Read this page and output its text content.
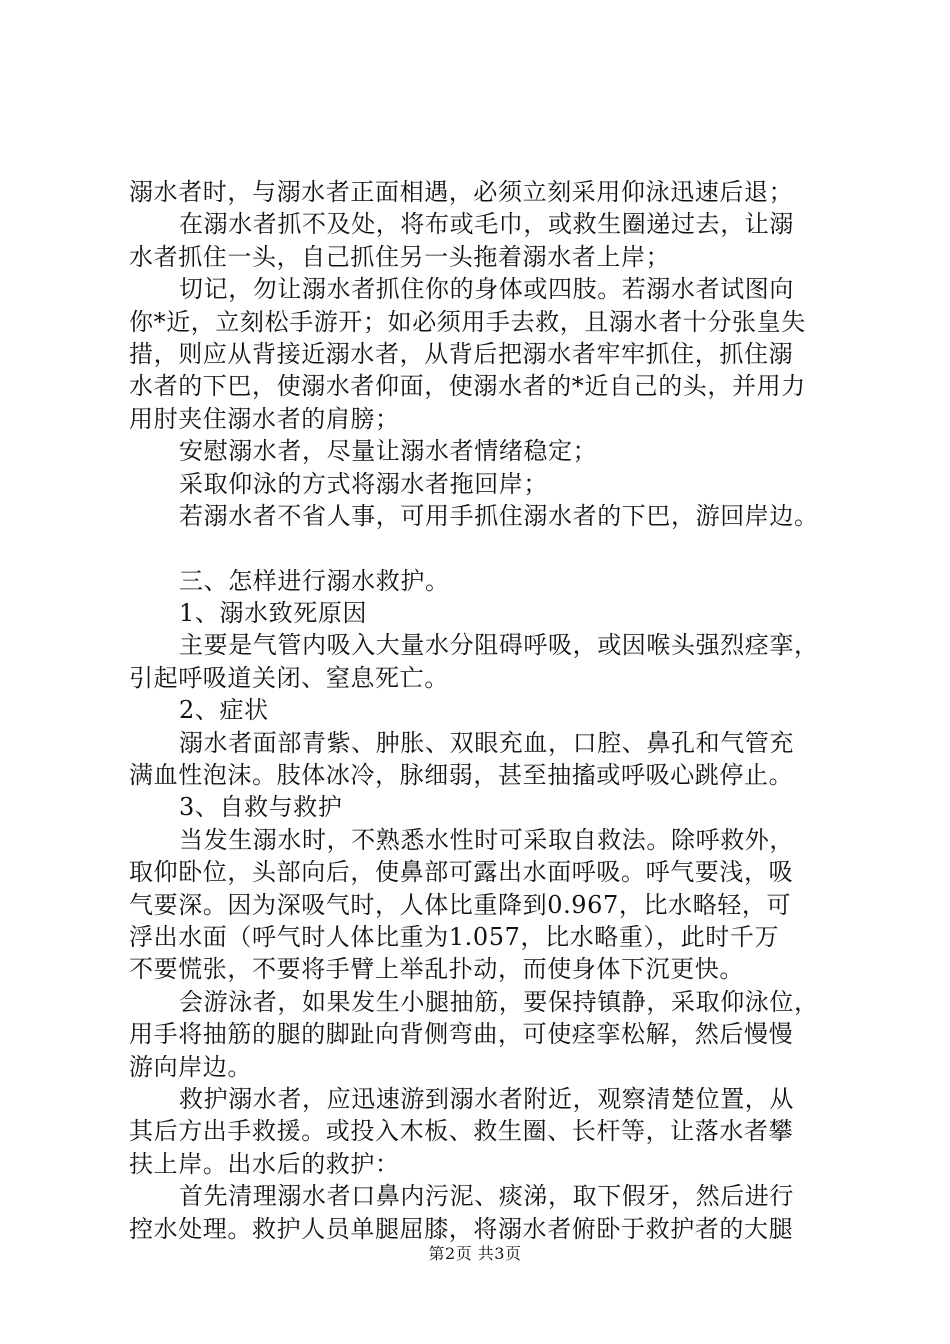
溺水者时，与溺水者正面相遇，必须立刻采用仰泳迅速后退；
在溺水者抓不及处，将布或毛巾，或救生圈递过去，让溺
水者抓住一头，自己抓住另一头拖着溺水者上岸；
切记，勿让溺水者抓住你的身体或四肢。若溺水者试图向
你*近，立刻松手游开；如必须用手去救，且溺水者十分张皇失
措，则应从背接近溺水者，从背后把溺水者牢牢抓住，抓住溺
水者的下巴，使溺水者仰面，使溺水者的*近自己的头，并用力
用肘夹住溺水者的肩膀；
安慰溺水者，尽量让溺水者情绪稳定；
采取仰泳的方式将溺水者拖回岸；
若溺水者不省人事，可用手抓住溺水者的下巴，游回岸边。
三、怎样进行溺水救护。
1、溺水致死原因
主要是气管内吸入大量水分阻碍呼吸，或因喉头强烈痉挛，
引起呼吸道关闭、窒息死亡。
2、症状
溺水者面部青紫、肿胀、双眼充血，口腔、鼻孔和气管充
满血性泡沫。肢体冰冷，脉细弱，甚至抽搐或呼吸心跳停止。
3、自救与救护
当发生溺水时，不熟悉水性时可采取自救法。除呼救外，
取仰卧位，头部向后，使鼻部可露出水面呼吸。呼气要浅，吸
气要深。因为深吸气时，人体比重降到0.967，比水略轻，可
浮出水面（呼气时人体比重为1.057，比水略重），此时千万
不要慌张，不要将手臂上举乱扑动，而使身体下沉更快。
会游泳者，如果发生小腿抽筋，要保持镇静，采取仰泳位，
用手将抽筋的腿的脚趾向背侧弯曲，可使痉挛松解，然后慢慢
游向岸边。
救护溺水者，应迅速游到溺水者附近，观察清楚位置，从
其后方出手救援。或投入木板、救生圈、长杆等，让落水者攀
扶上岸。出水后的救护：
首先清理溺水者口鼻内污泥、痰涕，取下假牙，然后进行
控水处理。救护人员单腿屈膝，将溺水者俯卧于救护者的大腿
第2页 共3页
